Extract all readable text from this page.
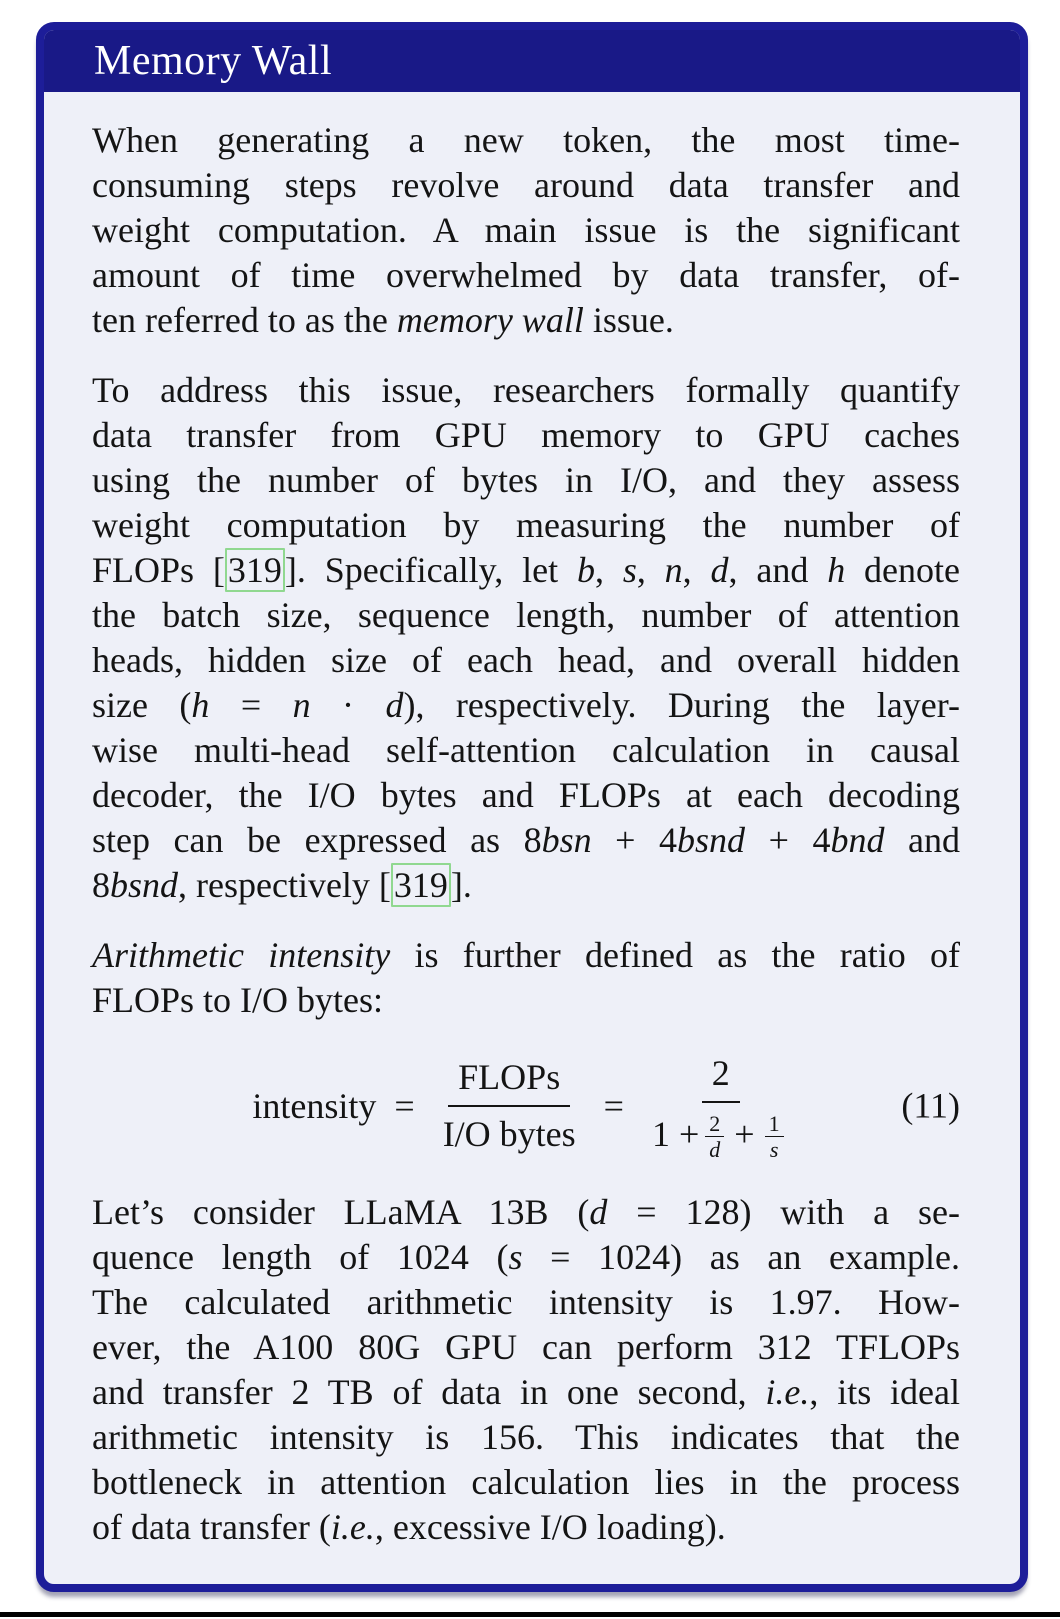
Memory Wall
When generating a new token, the most time-
consuming steps revolve around data transfer and
weight computation. A main issue is the significant
amount of time overwhelmed by data transfer, of-
ten referred to as the memory wall issue.
To address this issue, researchers formally quantify
data transfer from GPU memory to GPU caches
using the number of bytes in I/O, and they assess
weight computation by measuring the number of
FLOPs [319]. Specifically, let b, s, n, d, and h denote
the batch size, sequence length, number of attention
heads, hidden size of each head, and overall hidden
size (h = n · d), respectively. During the layer-
wise multi-head self-attention calculation in causal
decoder, the I/O bytes and FLOPs at each decoding
step can be expressed as 8bsn + 4bsnd + 4bnd and
8bsnd, respectively [319].
Arithmetic intensity is further defined as the ratio of
FLOPs to I/O bytes:
intensity = $\frac{\text{FLOPs}}{\text{I/O bytes}}$ =
2
$1 + \frac{2}{d} + \frac{1}{s}$
(11)
Let’s consider LLaMA 13B (d = 128) with a se-
quence length of 1024 (s = 1024) as an example.
The calculated arithmetic intensity is 1.97. How-
ever, the A100 80G GPU can perform 312 TFLOPs
and transfer 2 TB of data in one second, i.e., its ideal
arithmetic intensity is 156. This indicates that the
bottleneck in attention calculation lies in the process
of data transfer (i.e., excessive I/O loading).
